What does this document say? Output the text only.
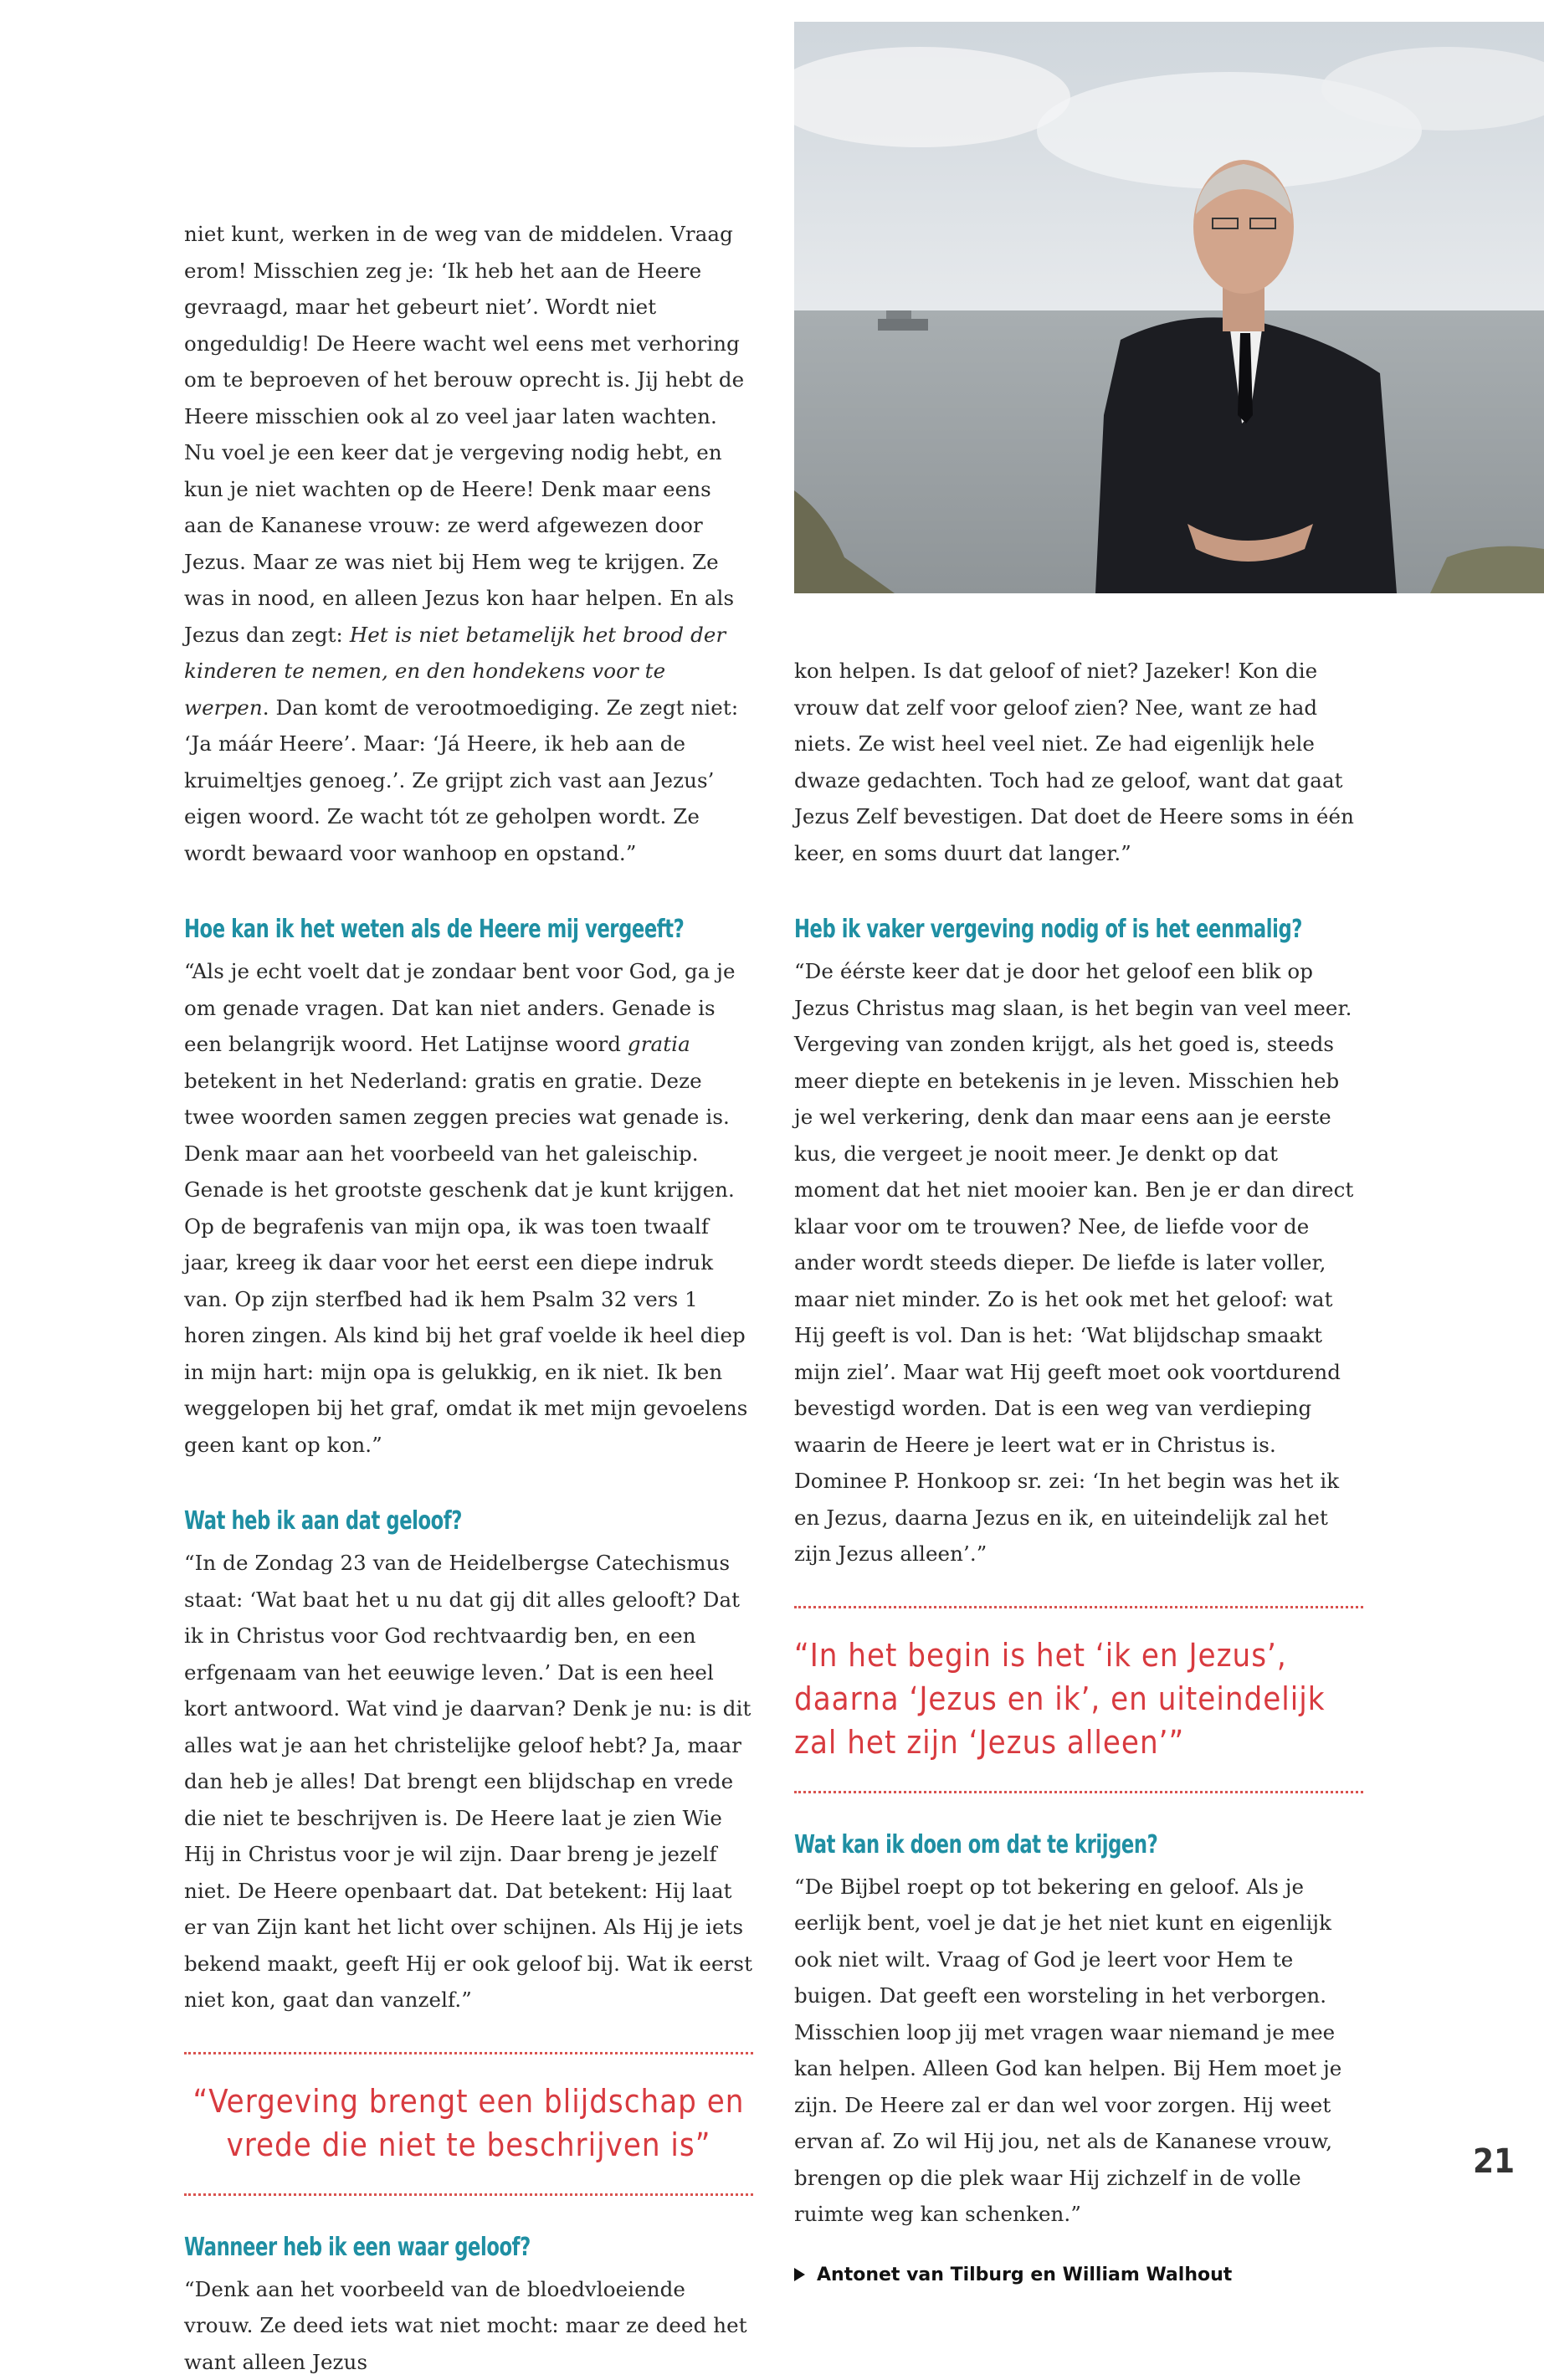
niet kunt, werken in de weg van de middelen. Vraag erom! Misschien zeg je: ‘Ik heb het aan de Heere gevraagd, maar het gebeurt niet’. Wordt niet ongeduldig! De Heere wacht wel eens met verhoring om te beproeven of het berouw oprecht is. Jij hebt de Heere misschien ook al zo veel jaar laten wachten. Nu voel je een keer dat je vergeving nodig hebt, en kun je niet wachten op de Heere! Denk maar eens aan de Kananese vrouw: ze werd afgewezen door Jezus. Maar ze was niet bij Hem weg te krijgen. Ze was in nood, en alleen Jezus kon haar helpen. En als Jezus dan zegt: Het is niet betamelijk het brood der kinderen te nemen, en den hondekens voor te werpen. Dan komt de verootmoediging. Ze zegt niet: ‘Ja máár Heere’. Maar: ‘Já Heere, ik heb aan de kruimeltjes genoeg.’. Ze grijpt zich vast aan Jezus’ eigen woord. Ze wacht tót ze geholpen wordt. Ze wordt bewaard voor wanhoop en opstand.”

Hoe kan ik het weten als de Heere mij vergeeft?

“Als je echt voelt dat je zondaar bent voor God, ga je om genade vragen. Dat kan niet anders. Genade is een belangrijk woord. Het Latijnse woord gratia betekent in het Nederland: gratis en gratie. Deze twee woorden samen zeggen precies wat genade is. Denk maar aan het voorbeeld van het galeischip. Genade is het grootste geschenk dat je kunt krijgen. Op de begrafenis van mijn opa, ik was toen twaalf jaar, kreeg ik daar voor het eerst een diepe indruk van. Op zijn sterfbed had ik hem Psalm 32 vers 1 horen zingen. Als kind bij het graf voelde ik heel diep in mijn hart: mijn opa is gelukkig, en ik niet. Ik ben weggelopen bij het graf, omdat ik met mijn gevoelens geen kant op kon.”

Wat heb ik aan dat geloof?

“In de Zondag 23 van de Heidelbergse Catechismus staat: ‘Wat baat het u nu dat gij dit alles gelooft? Dat ik in Christus voor God rechtvaardig ben, en een erfgenaam van het eeuwige leven.’ Dat is een heel kort antwoord. Wat vind je daarvan? Denk je nu: is dit alles wat je aan het christelijke geloof hebt? Ja, maar dan heb je alles! Dat brengt een blijdschap en vrede die niet te beschrijven is. De Heere laat je zien Wie Hij in Christus voor je wil zijn. Daar breng je jezelf niet. De Heere openbaart dat. Dat betekent: Hij laat er van Zijn kant het licht over schijnen. Als Hij je iets bekend maakt, geeft Hij er ook geloof bij. Wat ik eerst niet kon, gaat dan vanzelf.”

“Vergeving brengt een blijdschap en vrede die niet te beschrijven is”

Wanneer heb ik een waar geloof?

“Denk aan het voorbeeld van de bloedvloeiende vrouw. Ze deed iets wat niet mocht: maar ze deed het want alleen Jezus

kon helpen. Is dat geloof of niet? Jazeker! Kon die vrouw dat zelf voor geloof zien? Nee, want ze had niets. Ze wist heel veel niet. Ze had eigenlijk hele dwaze gedachten. Toch had ze geloof, want dat gaat Jezus Zelf bevestigen. Dat doet de Heere soms in één keer, en soms duurt dat langer.”

Heb ik vaker vergeving nodig of is het eenmalig?

“De éérste keer dat je door het geloof een blik op Jezus Christus mag slaan, is het begin van veel meer. Vergeving van zonden krijgt, als het goed is, steeds meer diepte en betekenis in je leven. Misschien heb je wel verkering, denk dan maar eens aan je eerste kus, die vergeet je nooit meer. Je denkt op dat moment dat het niet mooier kan. Ben je er dan direct klaar voor om te trouwen? Nee, de liefde voor de ander wordt steeds dieper. De liefde is later voller, maar niet minder. Zo is het ook met het geloof: wat Hij geeft is vol. Dan is het: ‘Wat blijdschap smaakt mijn ziel’. Maar wat Hij geeft moet ook voortdurend bevestigd worden. Dat is een weg van verdieping waarin de Heere je leert wat er in Christus is. Dominee P. Honkoop sr. zei: ‘In het begin was het ik en Jezus, daarna Jezus en ik, en uiteindelijk zal het zijn Jezus alleen’.”

“In het begin is het ‘ik en Jezus’, daarna ‘Jezus en ik’, en uiteindelijk zal het zijn ‘Jezus alleen’”

Wat kan ik doen om dat te krijgen?

“De Bijbel roept op tot bekering en geloof. Als je eerlijk bent, voel je dat je het niet kunt en eigenlijk ook niet wilt. Vraag of God je leert voor Hem te buigen. Dat geeft een worsteling in het verborgen. Misschien loop jij met vragen waar niemand je mee kan helpen. Alleen God kan helpen. Bij Hem moet je zijn. De Heere zal er dan wel voor zorgen. Hij weet ervan af. Zo wil Hij jou, net als de Kananese vrouw, brengen op die plek waar Hij zichzelf in de volle ruimte weg kan schenken.”

Antonet van Tilburg en William Walhout
21
